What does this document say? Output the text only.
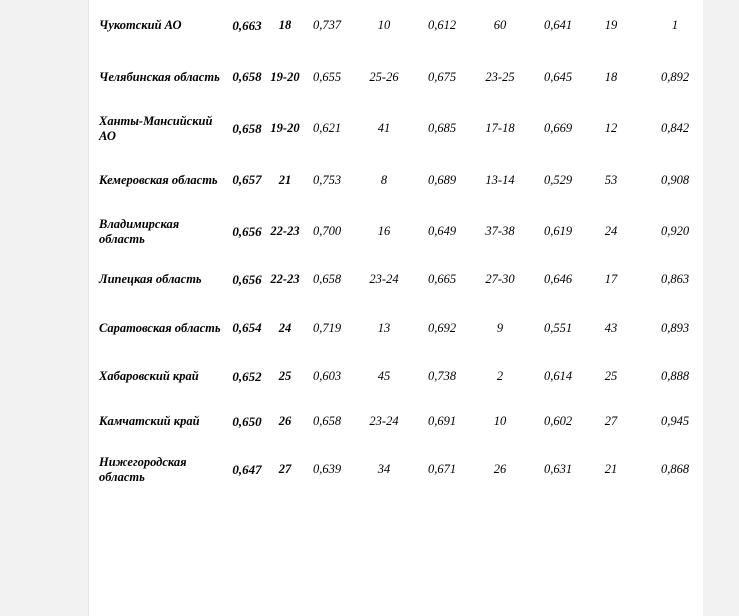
Чукотский АО	0,663	18	0,737	10	0,612	60	0,641	19	1
Челябинская область	0,658	19-20	0,655	25-26	0,675	23-25	0,645	18	0,892
Ханты-Мансийский АО	0,658	19-20	0,621	41	0,685	17-18	0,669	12	0,842
Кемеровская область	0,657	21	0,753	8	0,689	13-14	0,529	53	0,908
Владимирская область	0,656	22-23	0,700	16	0,649	37-38	0,619	24	0,920
Липецкая область	0,656	22-23	0,658	23-24	0,665	27-30	0,646	17	0,863
Саратовская область	0,654	24	0,719	13	0,692	9	0,551	43	0,893
Хабаровский край	0,652	25	0,603	45	0,738	2	0,614	25	0,888
Камчатский край	0,650	26	0,658	23-24	0,691	10	0,602	27	0,945
Нижегородская область	0,647	27	0,639	34	0,671	26	0,631	21	0,868
